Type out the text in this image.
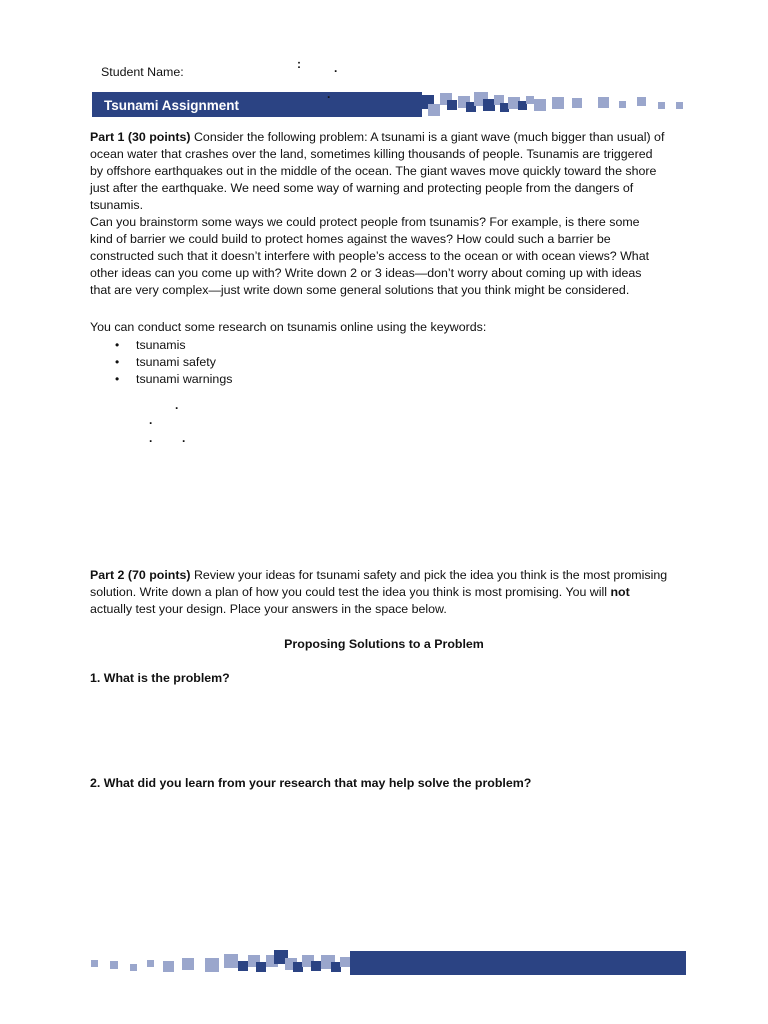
Student Name:
:	.
Tsunami Assignment
.
Part 1 (30 points) Consider the following problem: A tsunami is a giant wave (much bigger than usual) of
ocean water that crashes over the land, sometimes killing thousands of people. Tsunamis are triggered
by offshore earthquakes out in the middle of the ocean. The giant waves move quickly toward the shore
just after the earthquake. We need some way of warning and protecting people from the dangers of
tsunamis.
Can you brainstorm some ways we could protect people from tsunamis? For example, is there some
kind of barrier we could build to protect homes against the waves? How could such a barrier be
constructed such that it doesn’t interfere with people’s access to the ocean or with ocean views? What
other ideas can you come up with? Write down 2 or 3 ideas—don’t worry about coming up with ideas
that are very complex—just write down some general solutions that you think might be considered.
You can conduct some research on tsunamis online using the keywords:
• tsunamis
• tsunami safety
• tsunami warnings
.
.
. .
Part 2 (70 points) Review your ideas for tsunami safety and pick the idea you think is the most promising
solution. Write down a plan of how you could test the idea you think is most promising. You will not
actually test your design. Place your answers in the space below.
Proposing Solutions to a Problem
1. What is the problem?
2. What did you learn from your research that may help solve the problem?
